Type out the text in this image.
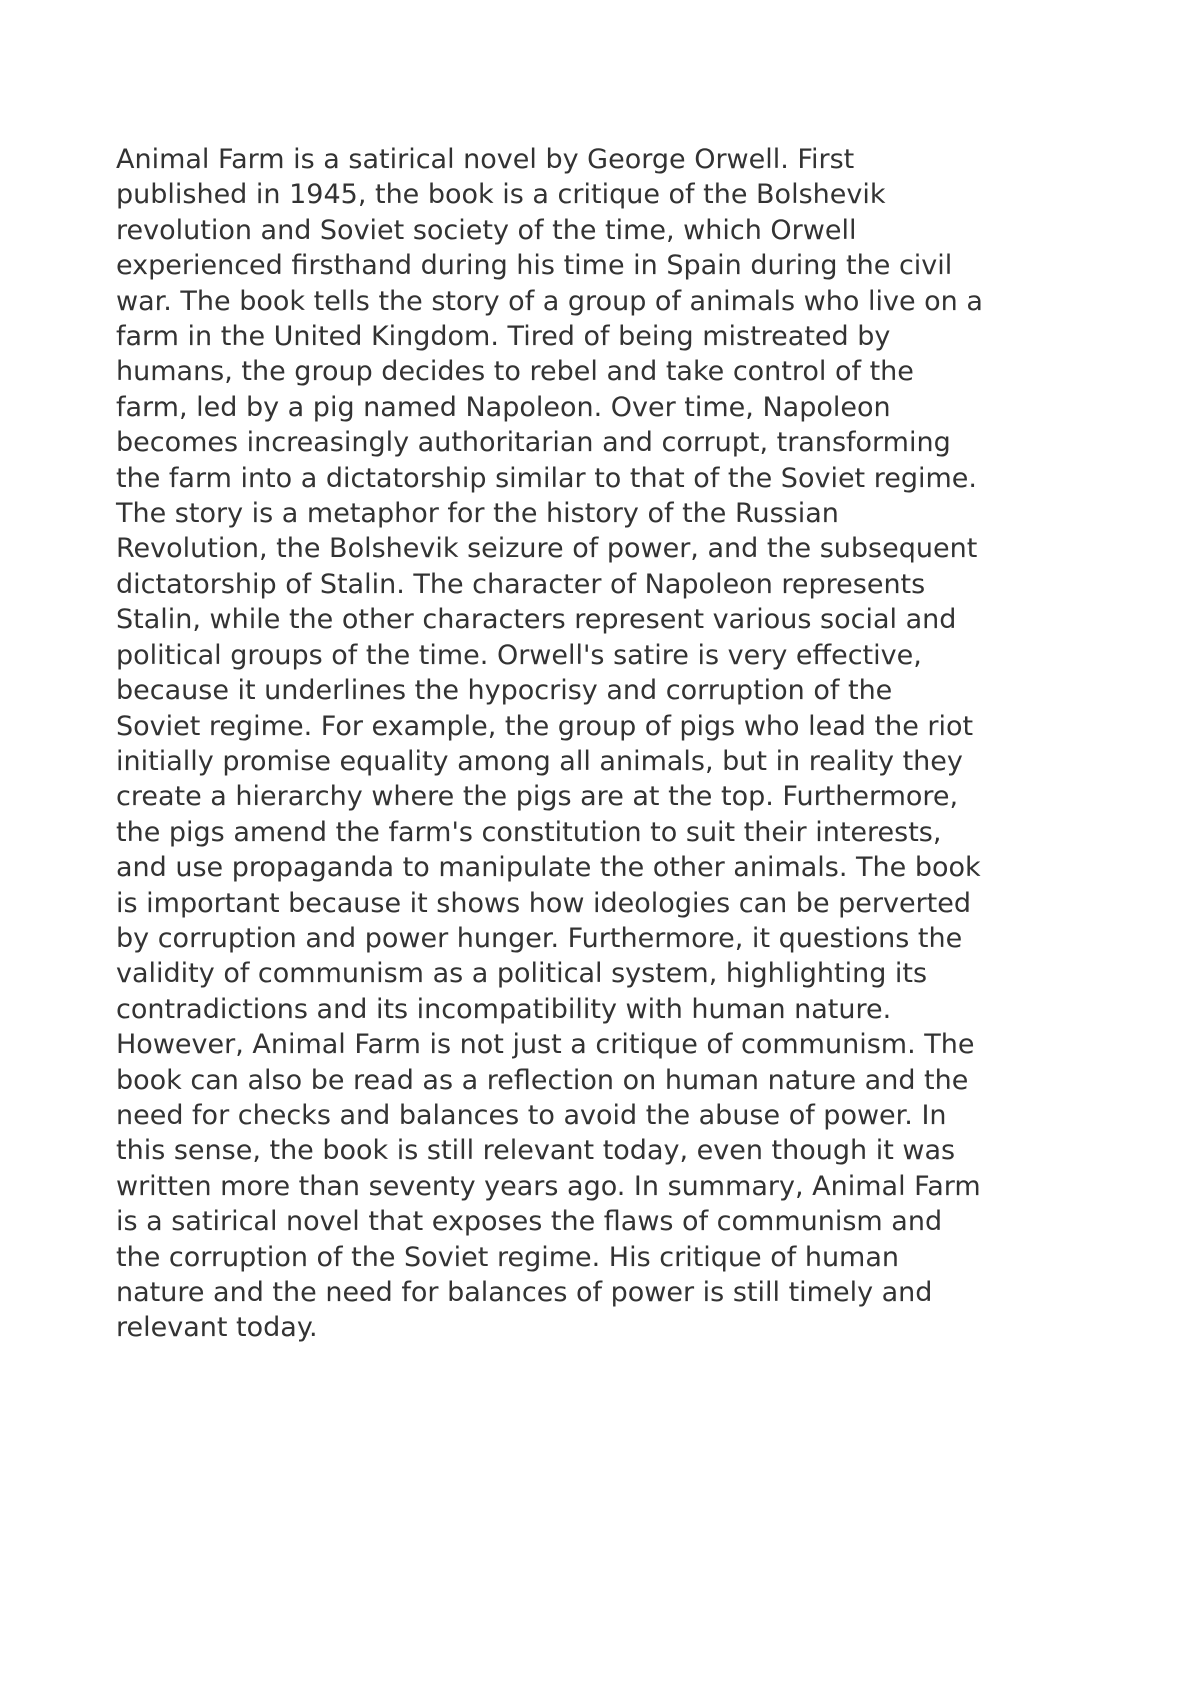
Animal Farm is a satirical novel by George Orwell. First
published in 1945, the book is a critique of the Bolshevik
revolution and Soviet society of the time, which Orwell
experienced firsthand during his time in Spain during the civil
war. The book tells the story of a group of animals who live on a
farm in the United Kingdom. Tired of being mistreated by
humans, the group decides to rebel and take control of the
farm, led by a pig named Napoleon. Over time, Napoleon
becomes increasingly authoritarian and corrupt, transforming
the farm into a dictatorship similar to that of the Soviet regime.
The story is a metaphor for the history of the Russian
Revolution, the Bolshevik seizure of power, and the subsequent
dictatorship of Stalin. The character of Napoleon represents
Stalin, while the other characters represent various social and
political groups of the time. Orwell's satire is very effective,
because it underlines the hypocrisy and corruption of the
Soviet regime. For example, the group of pigs who lead the riot
initially promise equality among all animals, but in reality they
create a hierarchy where the pigs are at the top. Furthermore,
the pigs amend the farm's constitution to suit their interests,
and use propaganda to manipulate the other animals. The book
is important because it shows how ideologies can be perverted
by corruption and power hunger. Furthermore, it questions the
validity of communism as a political system, highlighting its
contradictions and its incompatibility with human nature.
However, Animal Farm is not just a critique of communism. The
book can also be read as a reflection on human nature and the
need for checks and balances to avoid the abuse of power. In
this sense, the book is still relevant today, even though it was
written more than seventy years ago. In summary, Animal Farm
is a satirical novel that exposes the flaws of communism and
the corruption of the Soviet regime. His critique of human
nature and the need for balances of power is still timely and
relevant today.
